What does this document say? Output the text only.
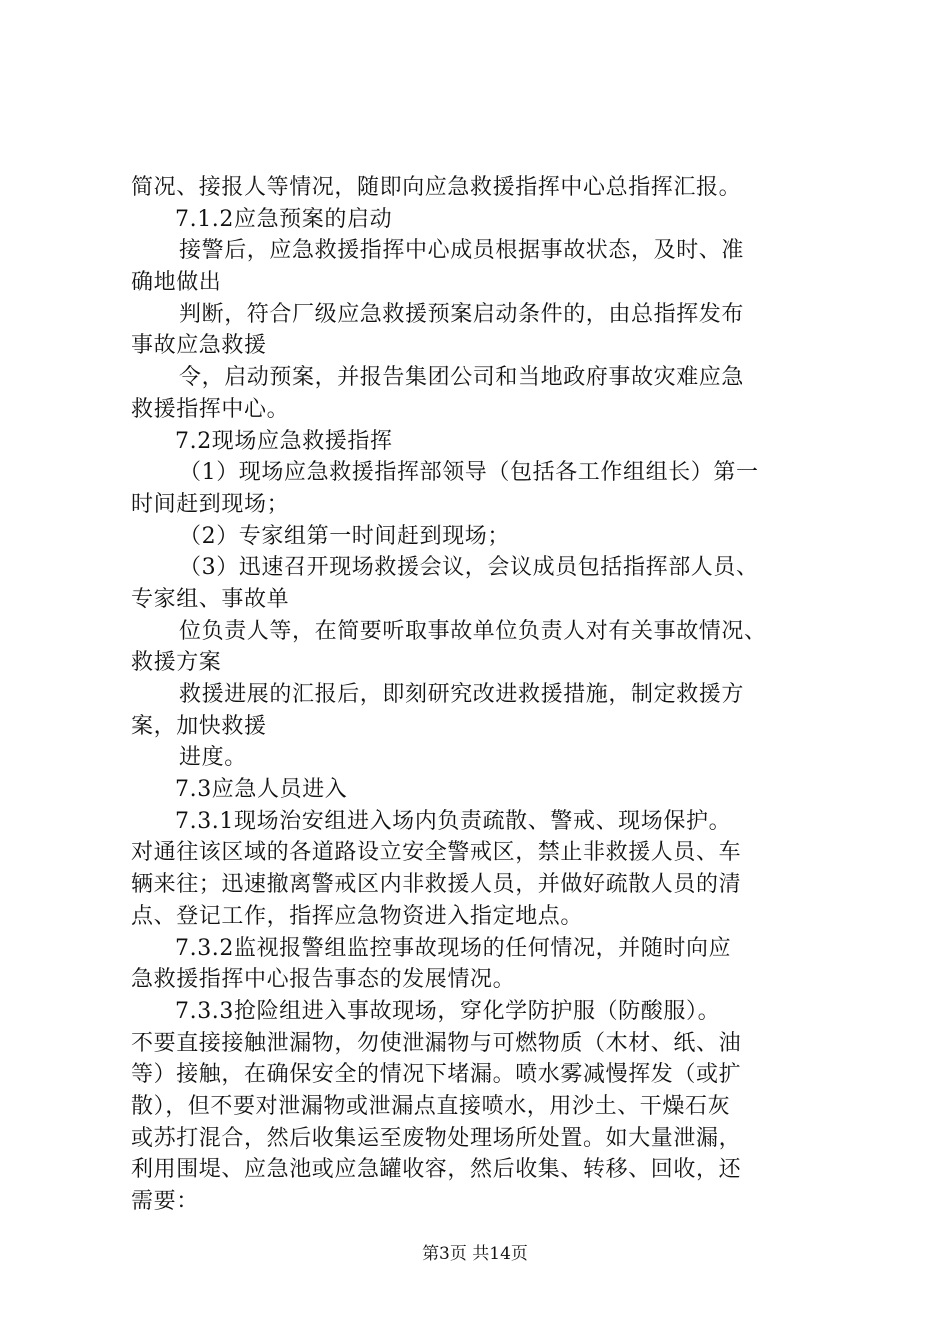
简况、接报人等情况，随即向应急救援指挥中心总指挥汇报。
7.1.2应急预案的启动
接警后，应急救援指挥中心成员根据事故状态，及时、准
确地做出
判断，符合厂级应急救援预案启动条件的，由总指挥发布
事故应急救援
令，启动预案，并报告集团公司和当地政府事故灾难应急
救援指挥中心。
7.2现场应急救援指挥
（1）现场应急救援指挥部领导（包括各工作组组长）第一
时间赶到现场；
（2）专家组第一时间赶到现场；
（3）迅速召开现场救援会议，会议成员包括指挥部人员、
专家组、事故单
位负责人等，在简要听取事故单位负责人对有关事故情况、
救援方案
救援进展的汇报后，即刻研究改进救援措施，制定救援方
案，加快救援
进度。
7.3应急人员进入
7.3.1现场治安组进入场内负责疏散、警戒、现场保护。
对通往该区域的各道路设立安全警戒区，禁止非救援人员、车
辆来往；迅速撤离警戒区内非救援人员，并做好疏散人员的清
点、登记工作，指挥应急物资进入指定地点。
7.3.2监视报警组监控事故现场的任何情况，并随时向应
急救援指挥中心报告事态的发展情况。
7.3.3抢险组进入事故现场，穿化学防护服（防酸服）。
不要直接接触泄漏物，勿使泄漏物与可燃物质（木材、纸、油
等）接触，在确保安全的情况下堵漏。喷水雾减慢挥发（或扩
散），但不要对泄漏物或泄漏点直接喷水，用沙土、干燥石灰
或苏打混合，然后收集运至废物处理场所处置。如大量泄漏，
利用围堤、应急池或应急罐收容，然后收集、转移、回收，还
需要：
第3页 共14页
